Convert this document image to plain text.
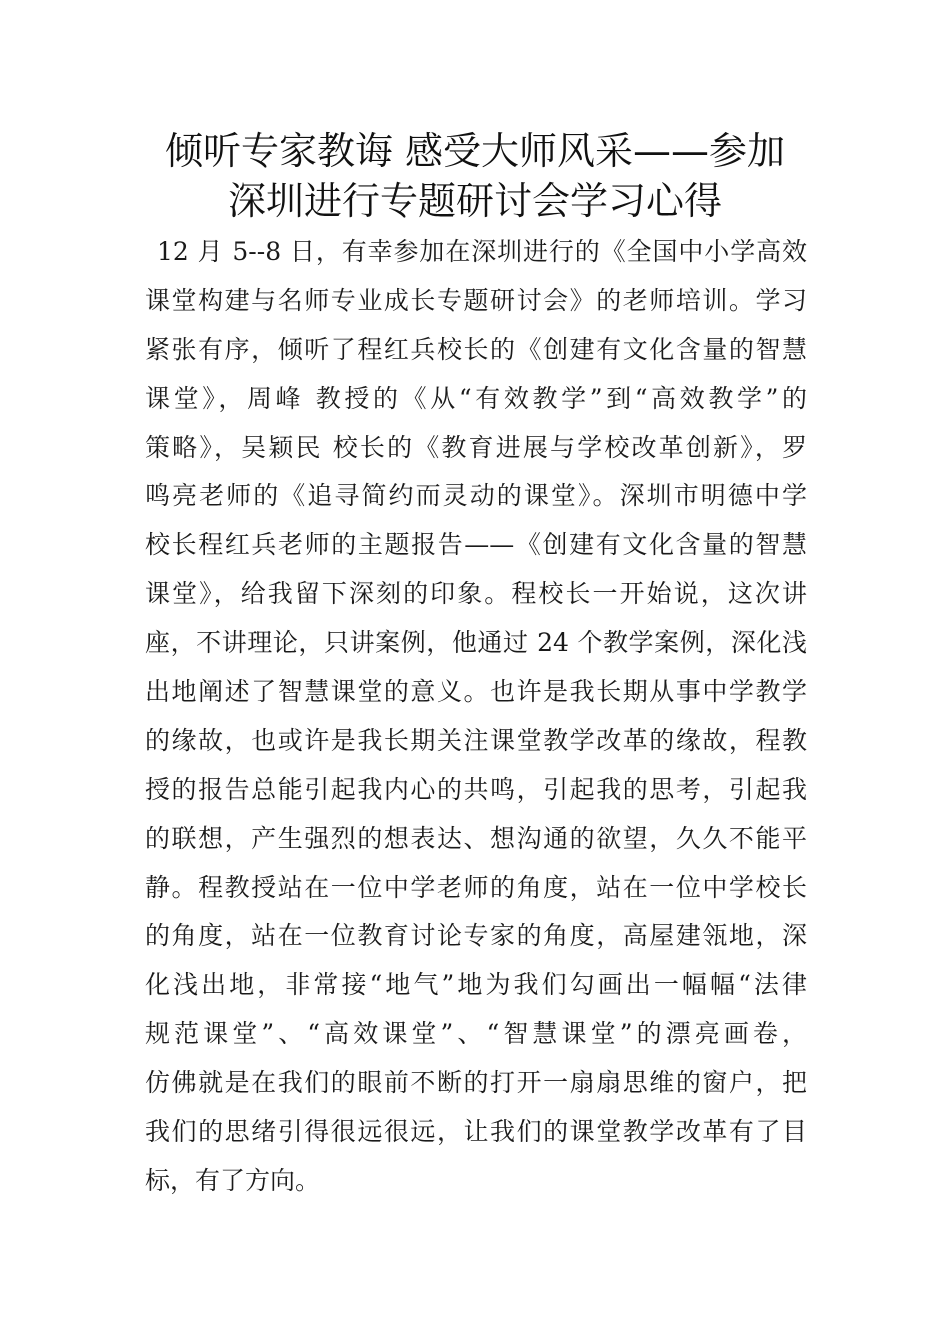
倾听专家教诲 感受大师风采——参加
深圳进行专题研讨会学习心得
12 月 5--8 日，有幸参加在深圳进行的《全国中小学高效
课堂构建与名师专业成长专题研讨会》的老师培训。学习
紧张有序，倾听了程红兵校长的《创建有文化含量的智慧
课堂》，周峰 教授的《从“有效教学”到“高效教学”的
策略》，吴颖民 校长的《教育进展与学校改革创新》，罗
鸣亮老师的《追寻简约而灵动的课堂》。深圳市明德中学
校长程红兵老师的主题报告——《创建有文化含量的智慧
课堂》，给我留下深刻的印象。程校长一开始说，这次讲
座，不讲理论，只讲案例，他通过 24 个教学案例，深化浅
出地阐述了智慧课堂的意义。也许是我长期从事中学教学
的缘故，也或许是我长期关注课堂教学改革的缘故，程教
授的报告总能引起我内心的共鸣，引起我的思考，引起我
的联想，产生强烈的想表达、想沟通的欲望，久久不能平
静。程教授站在一位中学老师的角度，站在一位中学校长
的角度，站在一位教育讨论专家的角度，高屋建瓴地，深
化浅出地，非常接“地气”地为我们勾画出一幅幅“法律
规范课堂”、“高效课堂”、“智慧课堂”的漂亮画卷，
仿佛就是在我们的眼前不断的打开一扇扇思维的窗户，把
我们的思绪引得很远很远，让我们的课堂教学改革有了目
标，有了方向。
